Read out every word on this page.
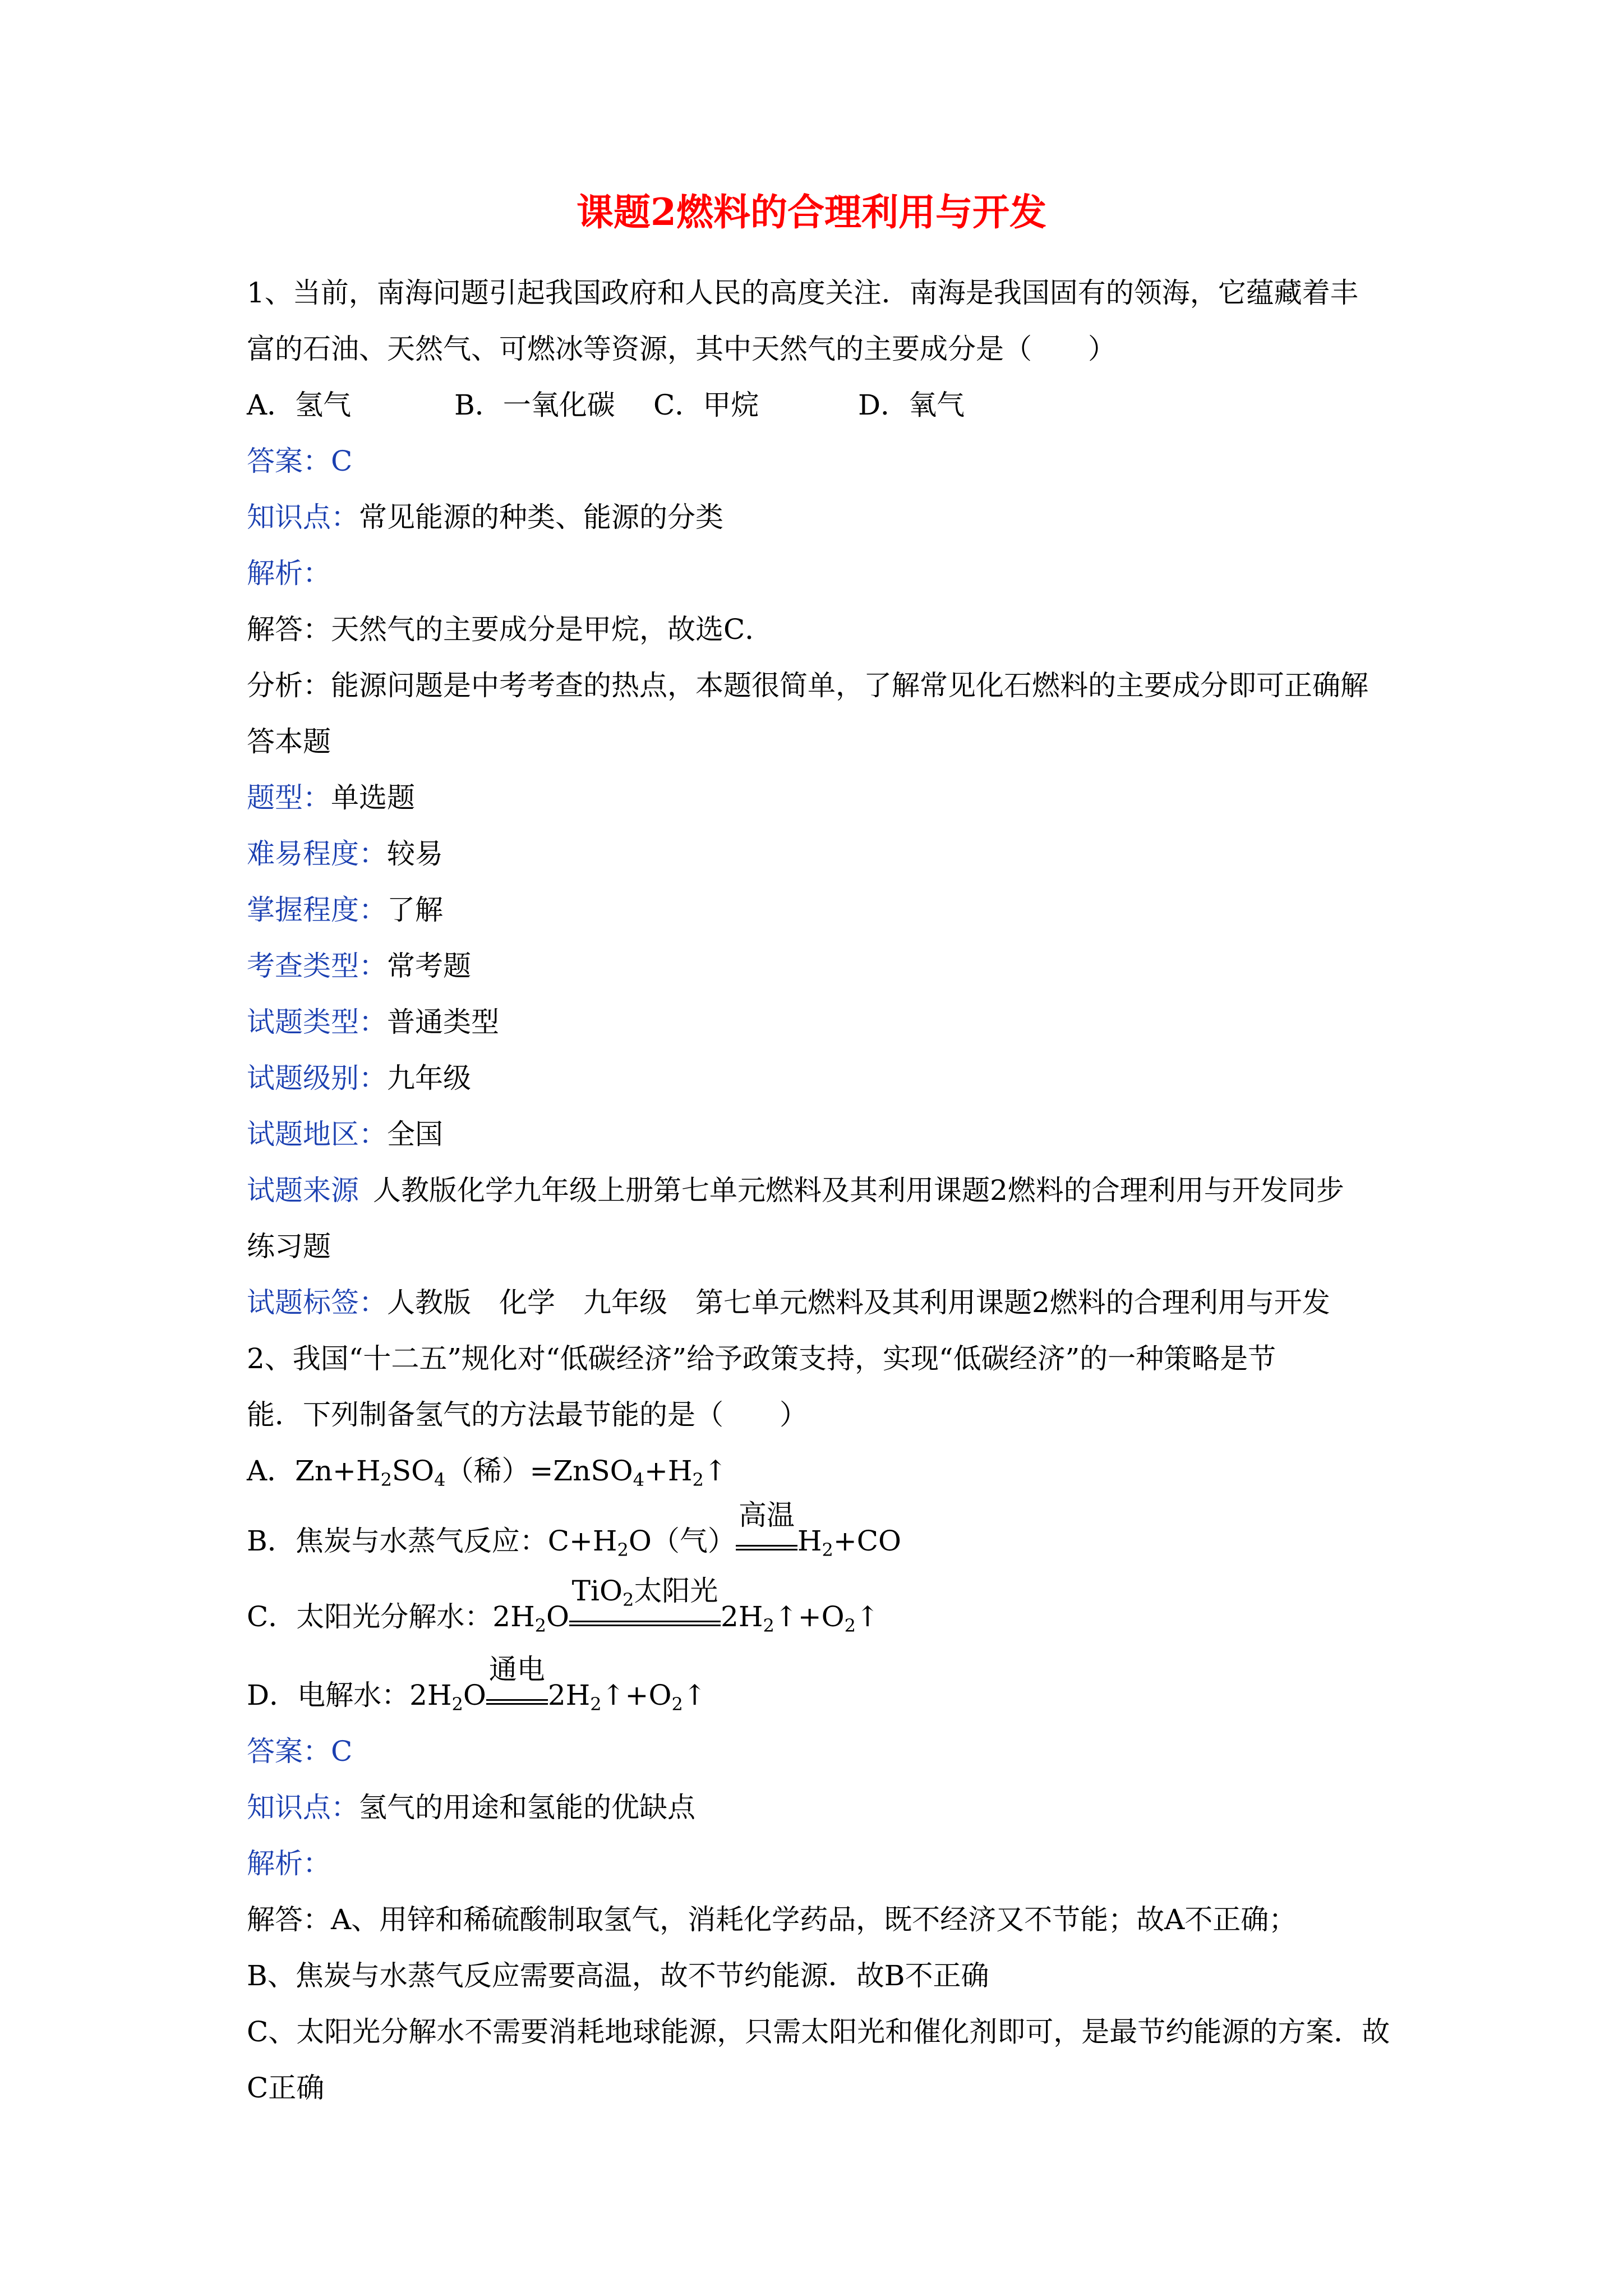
课题2燃料的合理利用与开发
1、当前，南海问题引起我国政府和人民的高度关注．南海是我国固有的领海，它蕴藏着丰
富的石油、天然气、可燃冰等资源，其中天然气的主要成分是（　　）
A．氢气	B．一氧化碳 C．甲烷	D．氧气
答案：C
知识点：常见能源的种类、能源的分类
解析：
解答：天然气的主要成分是甲烷，故选C．
分析：能源问题是中考考查的热点，本题很简单，了解常见化石燃料的主要成分即可正确解
答本题
题型：单选题
难易程度：较易
掌握程度：了解
考查类型：常考题
试题类型：普通类型
试题级别：九年级
试题地区：全国
试题来源 人教版化学九年级上册第七单元燃料及其利用课题2燃料的合理利用与开发同步
练习题
试题标签：人教版　化学　九年级　第七单元燃料及其利用课题2燃料的合理利用与开发
2、我国“十二五”规化对“低碳经济”给予政策支持，实现“低碳经济”的一种策略是节
能．下列制备氢气的方法最节能的是（　　）
A．$Zn+H_2SO_4$（稀）$=ZnSO_4+H_2↑$
B．焦炭与水蒸气反应：$C+H_2O$（气）
高温
$H_2+CO$
C．太阳光分解水：$2H_2O$
TiO$_2$太阳光
$2H_2↑+O_2↑$
D．电解水：$2H_2O$
通电
$2H_2↑+O_2↑$
答案：C
知识点：氢气的用途和氢能的优缺点
解析：
解答：A、用锌和稀硫酸制取氢气，消耗化学药品，既不经济又不节能；故A不正确；
B、焦炭与水蒸气反应需要高温，故不节约能源．故B不正确
C、太阳光分解水不需要消耗地球能源，只需太阳光和催化剂即可，是最节约能源的方案．故
C正确
